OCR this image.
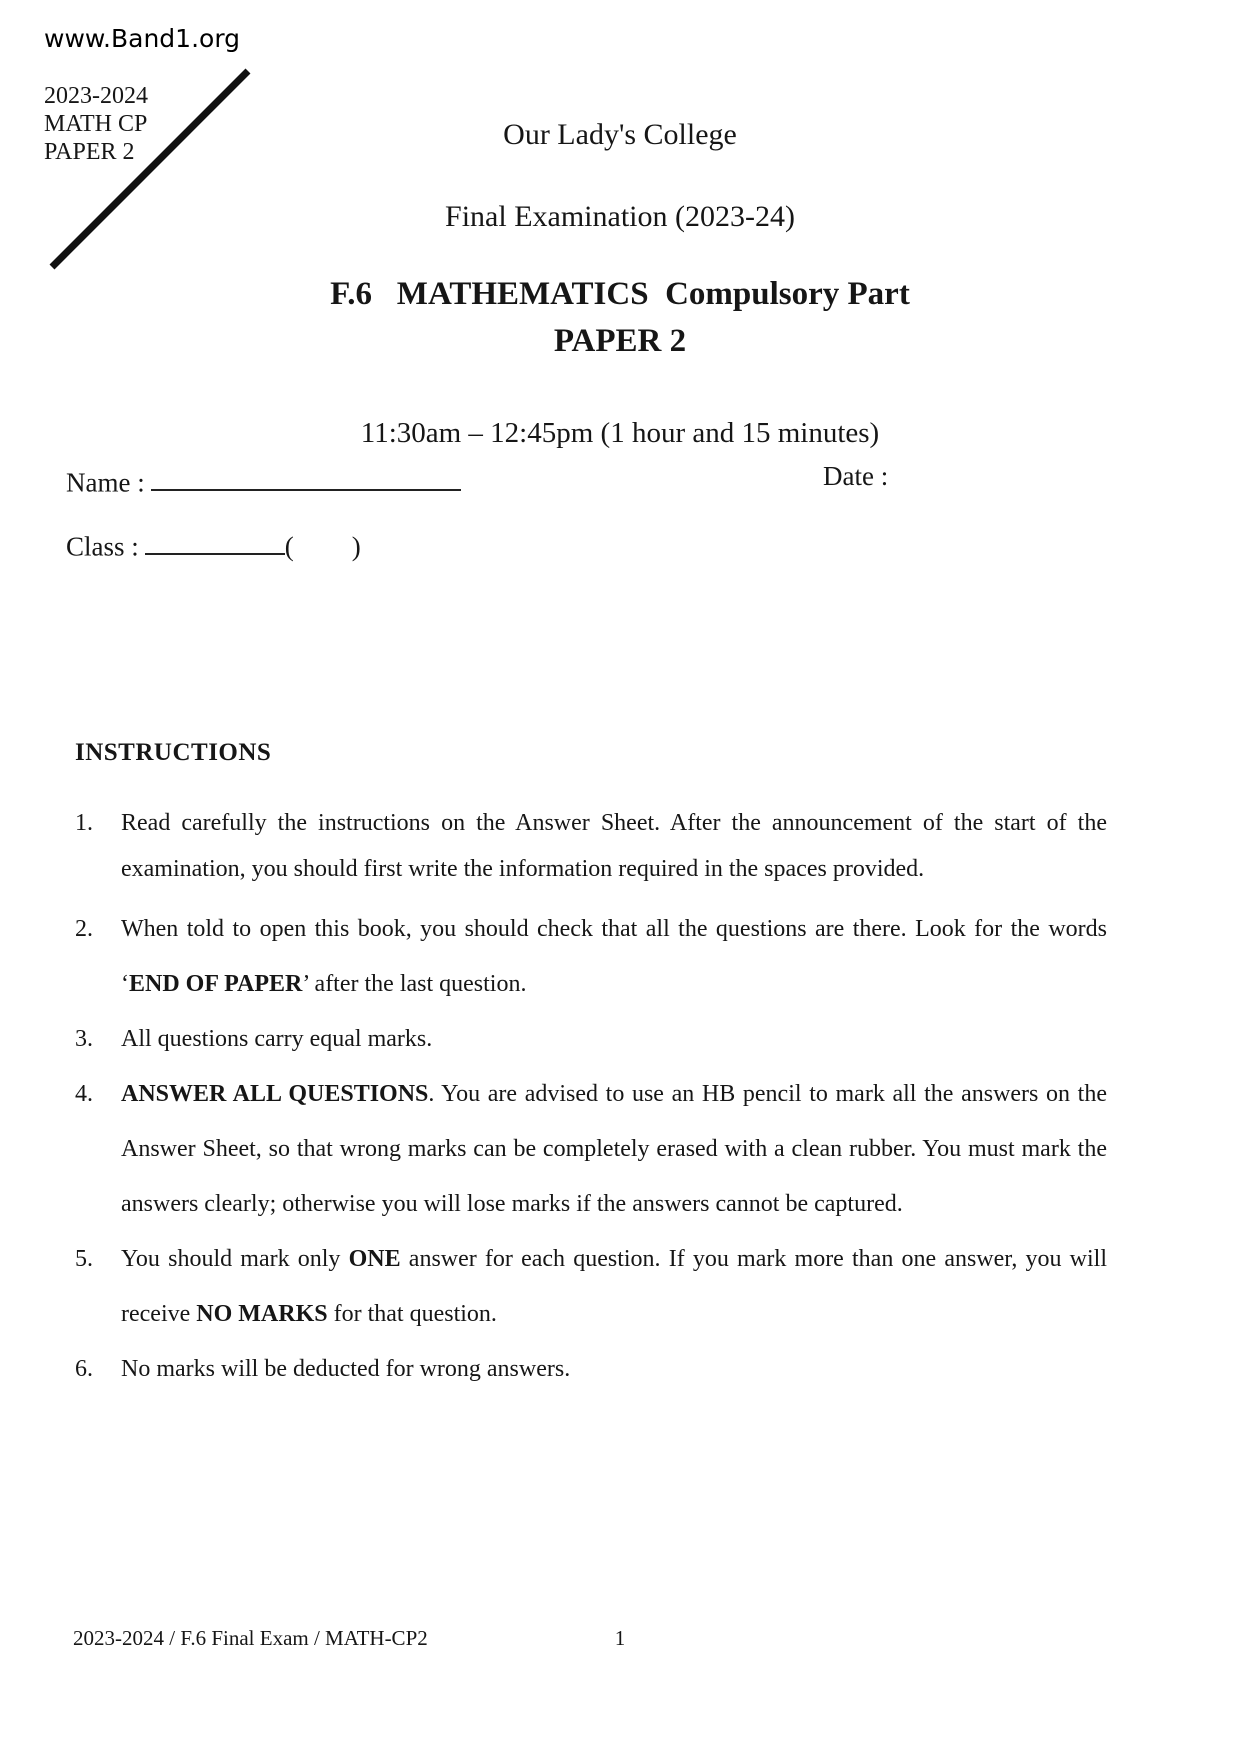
www.Band1.org
2023-2024
MATH CP
PAPER 2
Our Lady's College
Final Examination (2023-24)
F.6   MATHEMATICS  Compulsory Part
PAPER 2
11:30am – 12:45pm (1 hour and 15 minutes)
Name :	Date :
Class :	( )
INSTRUCTIONS
1. Read carefully the instructions on the Answer Sheet. After the announcement of the start of the examination, you should first write the information required in the spaces provided.
2. When told to open this book, you should check that all the questions are there. Look for the words ‘END OF PAPER’ after the last question.
3. All questions carry equal marks.
4. ANSWER ALL QUESTIONS. You are advised to use an HB pencil to mark all the answers on the Answer Sheet, so that wrong marks can be completely erased with a clean rubber. You must mark the answers clearly; otherwise you will lose marks if the answers cannot be captured.
5. You should mark only ONE answer for each question. If you mark more than one answer, you will receive NO MARKS for that question.
6. No marks will be deducted for wrong answers.
2023-2024 / F.6 Final Exam / MATH-CP2	1
